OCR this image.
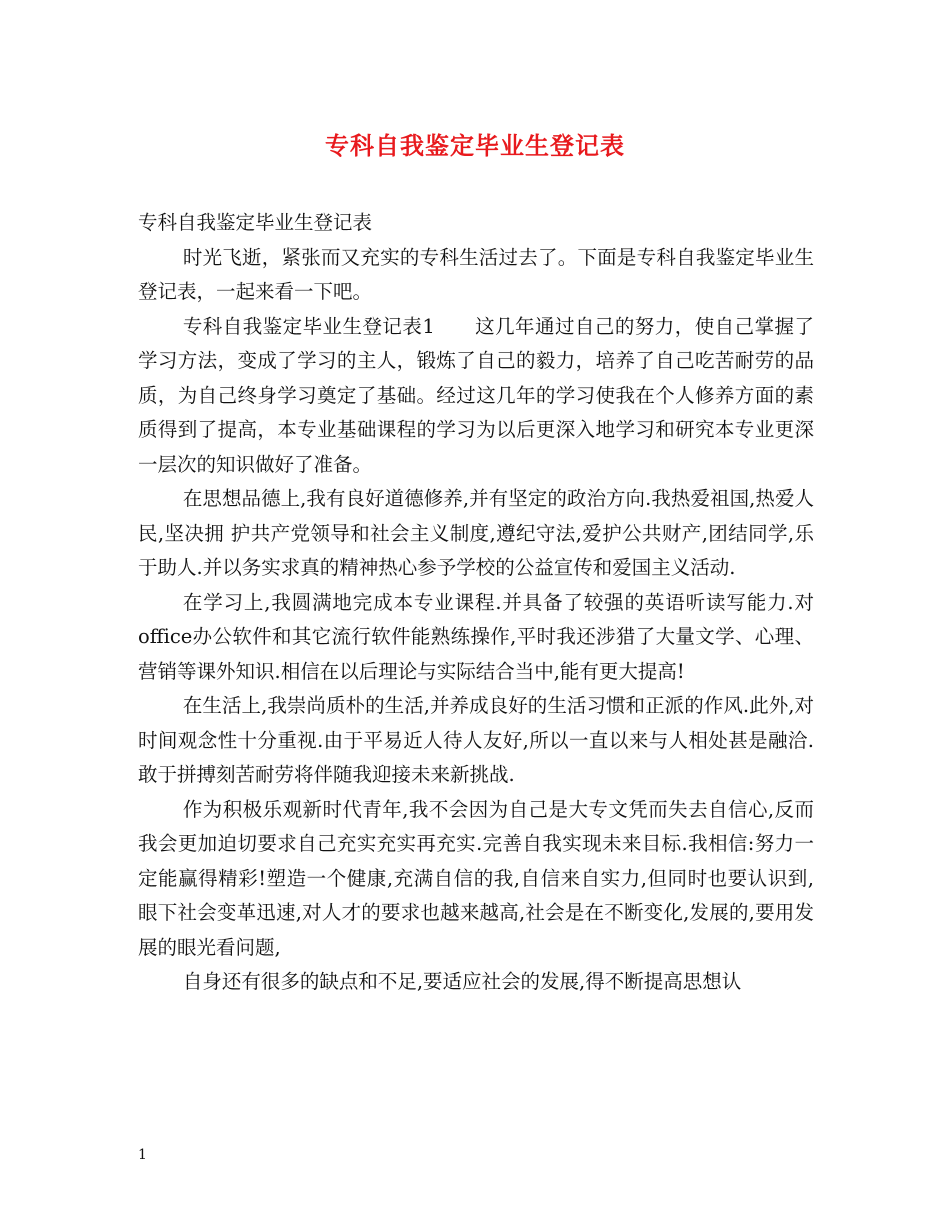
专科自我鉴定毕业生登记表

专科自我鉴定毕业生登记表

时光飞逝，紧张而又充实的专科生活过去了。下面是专科自我鉴定毕业生登记表，一起来看一下吧。

专科自我鉴定毕业生登记表1　　这几年通过自己的努力，使自己掌握了学习方法，变成了学习的主人，锻炼了自己的毅力，培养了自己吃苦耐劳的品质，为自己终身学习奠定了基础。经过这几年的学习使我在个人修养方面的素质得到了提高，本专业基础课程的学习为以后更深入地学习和研究本专业更深一层次的知识做好了准备。

在思想品德上,我有良好道德修养,并有坚定的政治方向.我热爱祖国,热爱人民,坚决拥 护共产党领导和社会主义制度,遵纪守法,爱护公共财产,团结同学,乐于助人.并以务实求真的精神热心参予学校的公益宣传和爱国主义活动.

在学习上,我圆满地完成本专业课程.并具备了较强的英语听读写能力.对office办公软件和其它流行软件能熟练操作,平时我还涉猎了大量文学、心理、营销等课外知识.相信在以后理论与实际结合当中,能有更大提高!

在生活上,我崇尚质朴的生活,并养成良好的生活习惯和正派的作风.此外,对时间观念性十分重视.由于平易近人待人友好,所以一直以来与人相处甚是融洽.敢于拼搏刻苦耐劳将伴随我迎接未来新挑战.

作为积极乐观新时代青年,我不会因为自己是大专文凭而失去自信心,反而我会更加迫切要求自己充实充实再充实.完善自我实现未来目标.我相信:努力一定能赢得精彩!塑造一个健康,充满自信的我,自信来自实力,但同时也要认识到,眼下社会变革迅速,对人才的要求也越来越高,社会是在不断变化,发展的,要用发展的眼光看问题,

自身还有很多的缺点和不足,要适应社会的发展,得不断提高思想认

1
